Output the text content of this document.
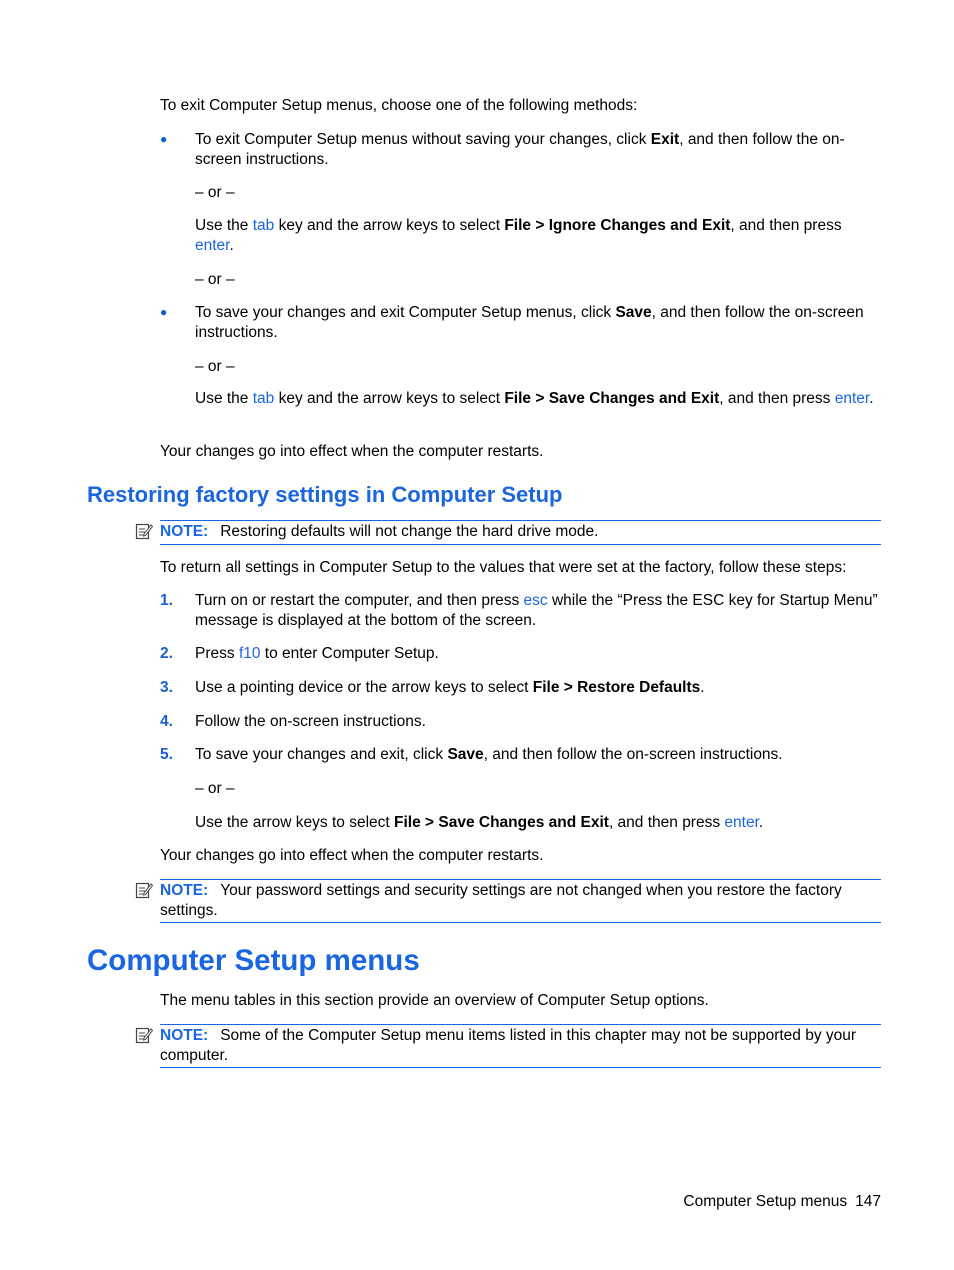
To exit Computer Setup menus, choose one of the following methods:
●	To exit Computer Setup menus without saving your changes, click Exit, and then follow the on-screen instructions.
– or –
Use the tab key and the arrow keys to select File > Ignore Changes and Exit, and then press enter.
– or –
●	To save your changes and exit Computer Setup menus, click Save, and then follow the on-screen instructions.
– or –
Use the tab key and the arrow keys to select File > Save Changes and Exit, and then press enter.
Your changes go into effect when the computer restarts.
Restoring factory settings in Computer Setup
NOTE: Restoring defaults will not change the hard drive mode.
To return all settings in Computer Setup to the values that were set at the factory, follow these steps:
1.	Turn on or restart the computer, and then press esc while the “Press the ESC key for Startup Menu” message is displayed at the bottom of the screen.
2.	Press f10 to enter Computer Setup.
3.	Use a pointing device or the arrow keys to select File > Restore Defaults.
4.	Follow the on-screen instructions.
5.	To save your changes and exit, click Save, and then follow the on-screen instructions.
– or –
Use the arrow keys to select File > Save Changes and Exit, and then press enter.
Your changes go into effect when the computer restarts.
NOTE: Your password settings and security settings are not changed when you restore the factory settings.
Computer Setup menus
The menu tables in this section provide an overview of Computer Setup options.
NOTE: Some of the Computer Setup menu items listed in this chapter may not be supported by your computer.
Computer Setup menus 147
